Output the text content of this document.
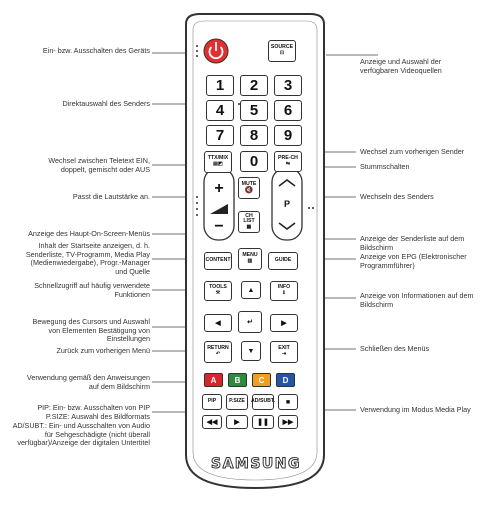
Ein- bzw. Ausschalten des Geräts
Direktauswahl des Senders
Wechsel zwischen Teletext EIN, doppelt, gemischt oder AUS
Passt die Lautstärke an.
Anzeige des Haupt-On-Screen-Menüs
Inhalt der Startseite anzeigen, d. h. Senderliste, TV-Programm, Media Play (Medienwiedergabe), Progr.-Manager und Quelle
Schnellzugriff auf häufig verwendete Funktionen
Bewegung des Cursors und Auswahl von Elementen Bestätigung von Einstellungen
Zurück zum vorherigen Menü
Verwendung gemäß den Anweisungen auf dem Bildschirm
PIP: Ein- bzw. Ausschalten von PIP
P.SIZE: Auswahl des Bildformats
AD/SUBT.: Ein- und Ausschalten von Audio für Sehgeschädigte (nicht überall verfügbar)/Anzeige der digitalen Untertitel
Anzeige und Auswahl der verfügbaren Videoquellen
Wechsel zum vorherigen Sender
Stummschalten
Wechseln des Senders
Anzeige der Senderliste auf dem Bildschirm
Anzeige von EPG (Elektronischer Programmführer)
Anzeige von Informationen auf dem Bildschirm
Schließen des Menüs
Verwendung im Modus Media Play
SOURCE
⊡
1	2	3
4	5	6
7	8	9
TTX/MIX
▤◩	0	PRE-CH
⇆
+
−
MUTE
🔇
CH LIST
▦
P
CONTENT
MENU
▥	GUIDE
TOOLS
⚒	▲	INFO
ℹ
◀	↵	▶
RETURN
↶	▼	EXIT
⇥
A	B	C	D
PIP	P.SIZE	AD/SUBT. ■
◀◀ ▶ ❚❚ ▶▶
SAMSUNG
